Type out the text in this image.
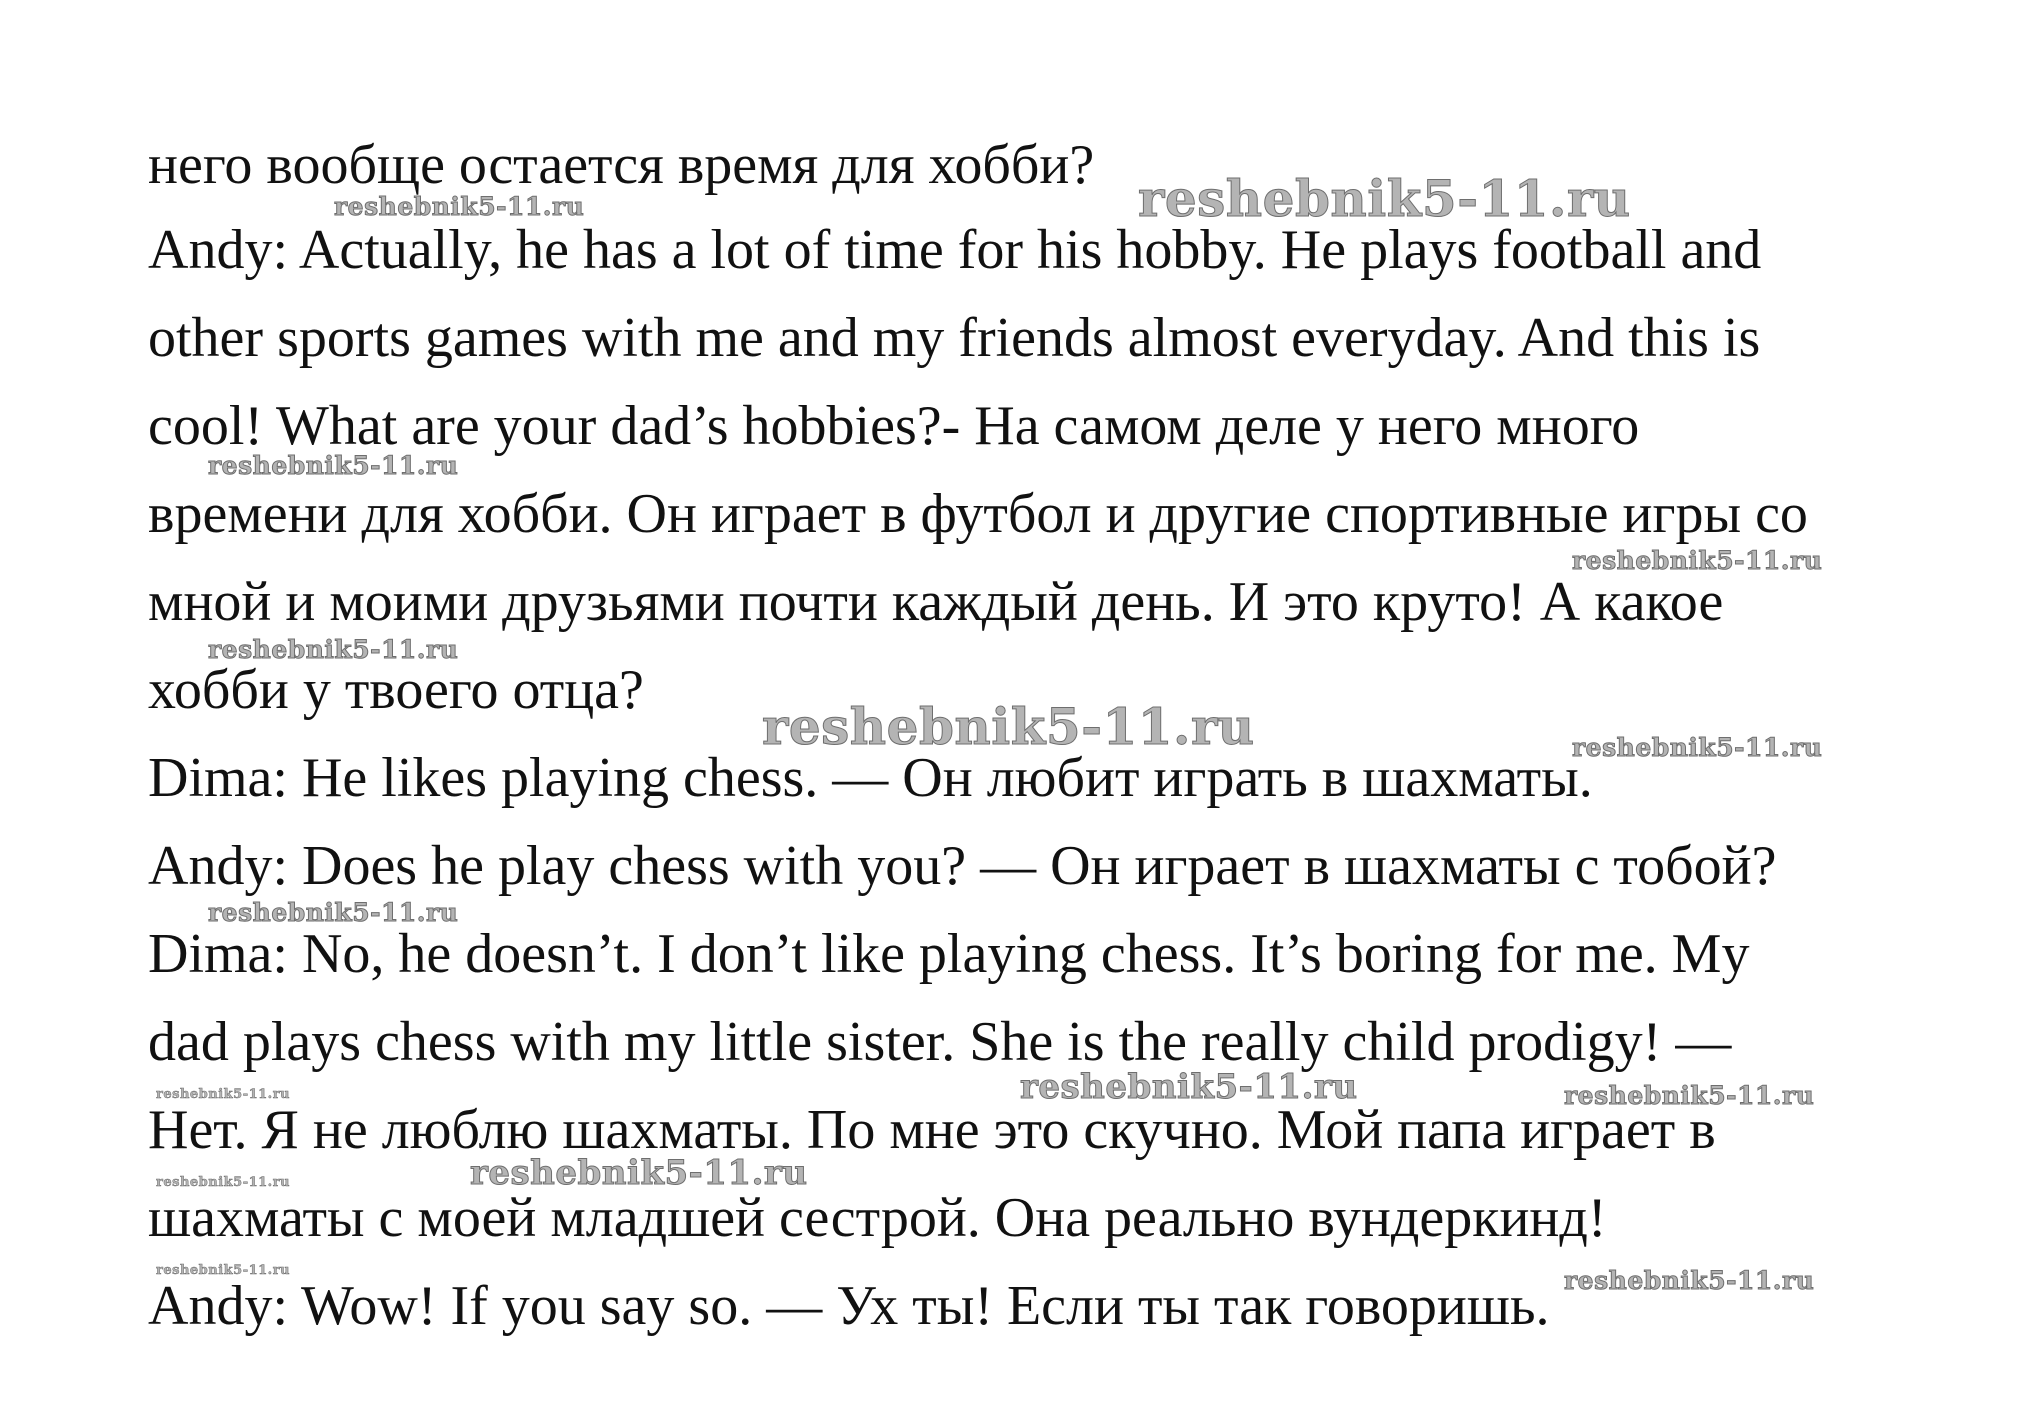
него вообще остается время для хобби?

Andy: Actually, he has a lot of time for his hobby. He plays football and

other sports games with me and my friends almost everyday. And this is

cool! What are your dad’s hobbies?- На самом деле у него много

времени для хобби. Он играет в футбол и другие спортивные игры со

мной и моими друзьями почти каждый день. И это круто! А какое

хобби у твоего отца?

Dima: He likes playing chess. — Он любит играть в шахматы.

Andy: Does he play chess with you? — Он играет в шахматы с тобой?

Dima: No, he doesn’t. I don’t like playing chess. It’s boring for me. My

dad plays chess with my little sister. She is the really child prodigy! —

Нет. Я не люблю шахматы. По мне это скучно. Мой папа играет в

шахматы с моей младшей сестрой. Она реально вундеркинд!

Andy: Wow! If you say so. — Ух ты! Если ты так говоришь.

reshebnik5-11.ru	reshebnik5-11.ru
reshebnik5-11.ru
reshebnik5-11.ru
reshebnik5-11.ru
reshebnik5-11.ru	reshebnik5-11.ru
reshebnik5-11.ru
reshebnik5-11.ru	reshebnik5-11.ru	reshebnik5-11.ru
reshebnik5-11.ru	reshebnik5-11.ru
reshebnik5-11.ru	reshebnik5-11.ru
